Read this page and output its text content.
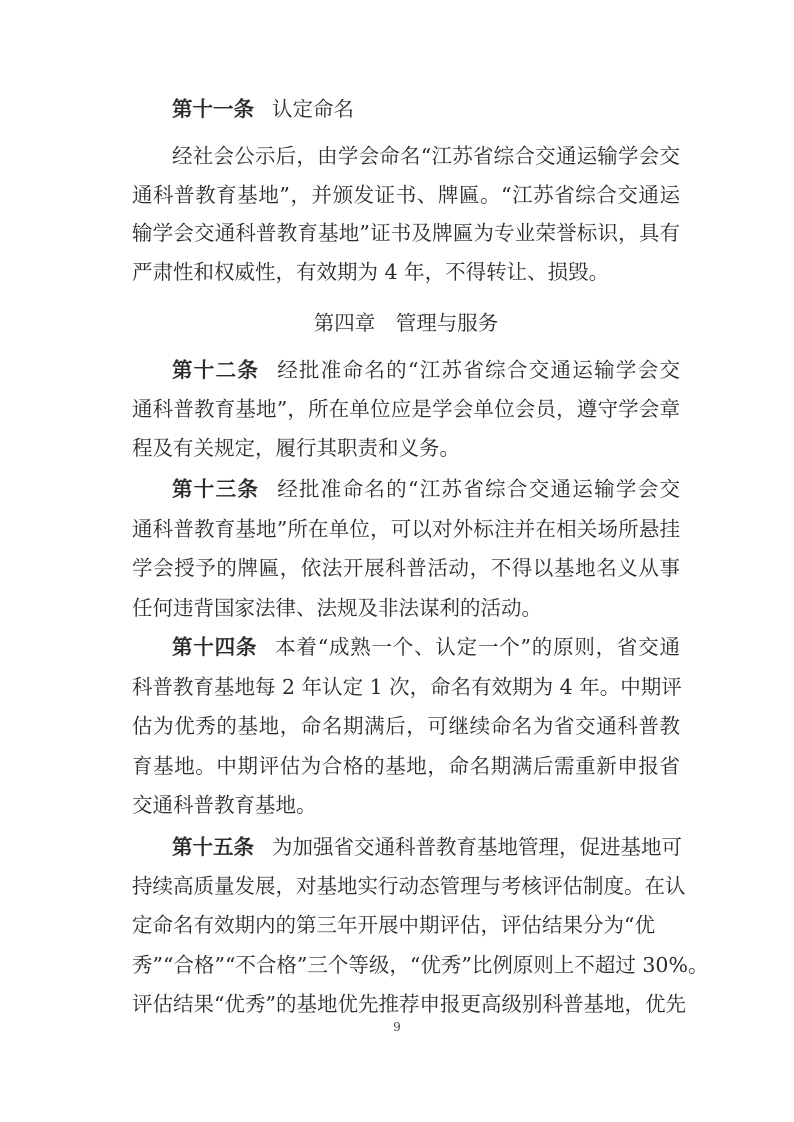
第十一条 认定命名
经社会公示后，由学会命名“江苏省综合交通运输学会交
通科普教育基地”，并颁发证书、牌匾。“江苏省综合交通运
输学会交通科普教育基地”证书及牌匾为专业荣誉标识，具有
严肃性和权威性，有效期为 4 年，不得转让、损毁。
第四章　管理与服务
第十二条 经批准命名的“江苏省综合交通运输学会交
通科普教育基地”，所在单位应是学会单位会员，遵守学会章
程及有关规定，履行其职责和义务。
第十三条 经批准命名的“江苏省综合交通运输学会交
通科普教育基地”所在单位，可以对外标注并在相关场所悬挂
学会授予的牌匾，依法开展科普活动，不得以基地名义从事
任何违背国家法律、法规及非法谋利的活动。
第十四条 本着“成熟一个、认定一个”的原则，省交通
科普教育基地每 2 年认定 1 次，命名有效期为 4 年。中期评
估为优秀的基地，命名期满后，可继续命名为省交通科普教
育基地。中期评估为合格的基地，命名期满后需重新申报省
交通科普教育基地。
第十五条 为加强省交通科普教育基地管理，促进基地可
持续高质量发展，对基地实行动态管理与考核评估制度。在认
定命名有效期内的第三年开展中期评估，评估结果分为“优
秀”“合格”“不合格”三个等级，“优秀”比例原则上不超过 30%。
评估结果“优秀”的基地优先推荐申报更高级别科普基地，优先
9
